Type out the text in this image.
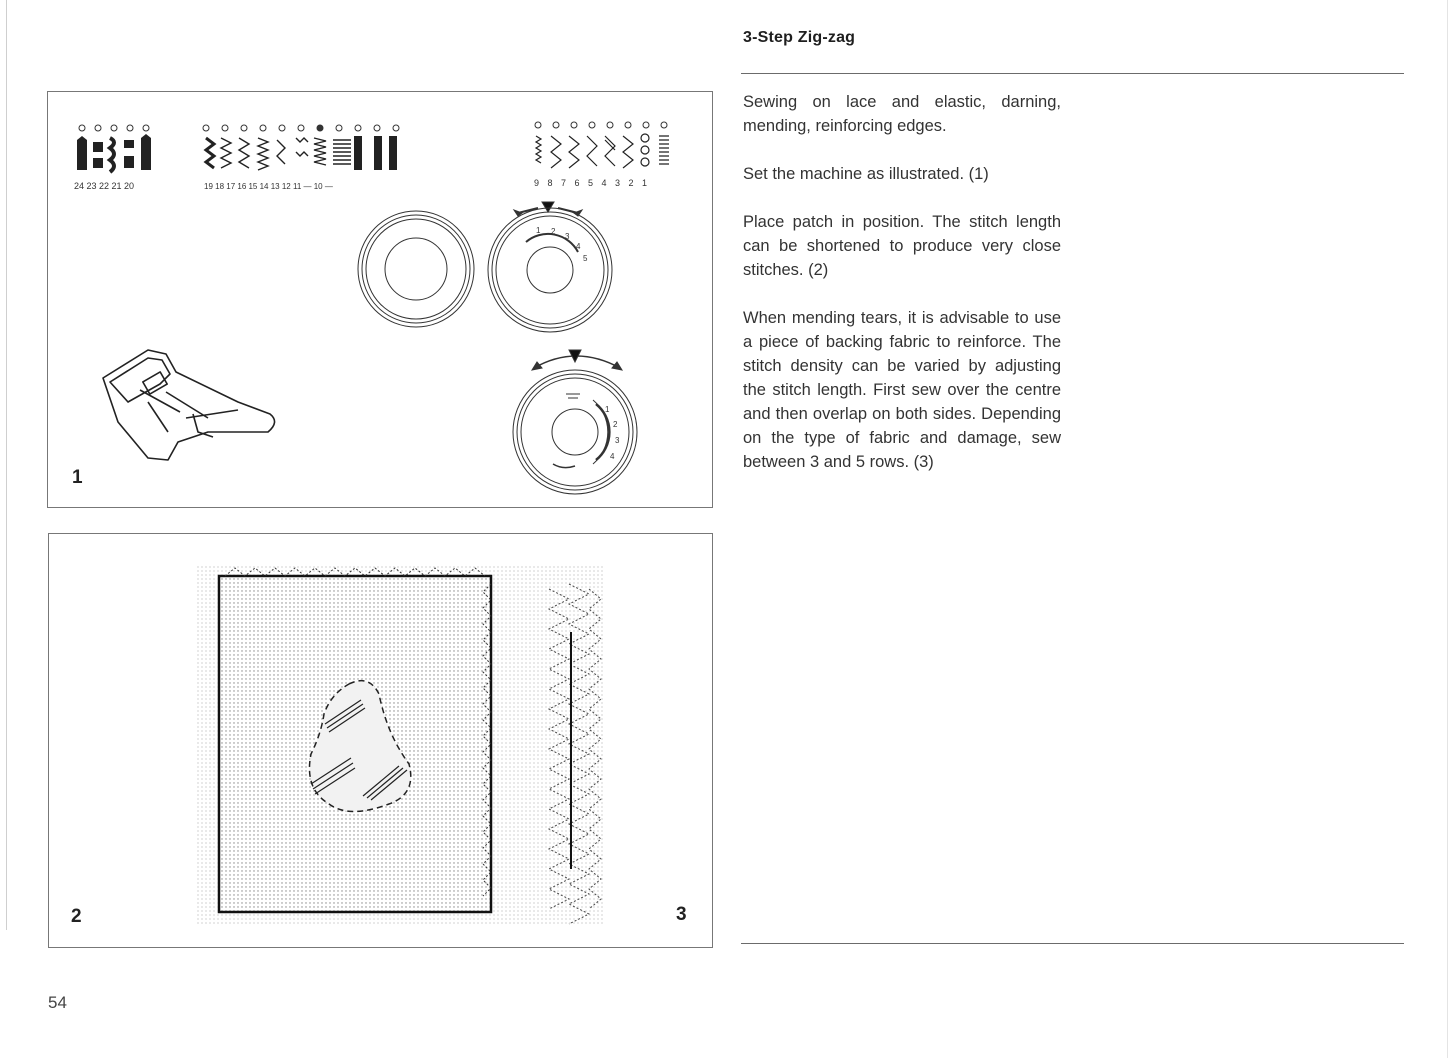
3-Step Zig-zag

Sewing on lace and elastic, darning, mending, reinforcing edges.

Set the machine as illustrated. (1)

Place patch in position. The stitch length can be shortened to produce very close stitches. (2)

When mending tears, it is advisable to use a piece of backing fabric to reinforce. The stitch density can be varied by adjusting the stitch length. First sew over the centre and then overlap on both sides. Depending on the type of fabric and damage, sew between 3 and 5 rows. (3)

24 23 22 21 20	19 18 17 16 15 14 13 12 11 — 10 —	9 8 7 6 5 4 3 2 1
1 2
3
4
5
1
2
3
4
1
2	3
54
